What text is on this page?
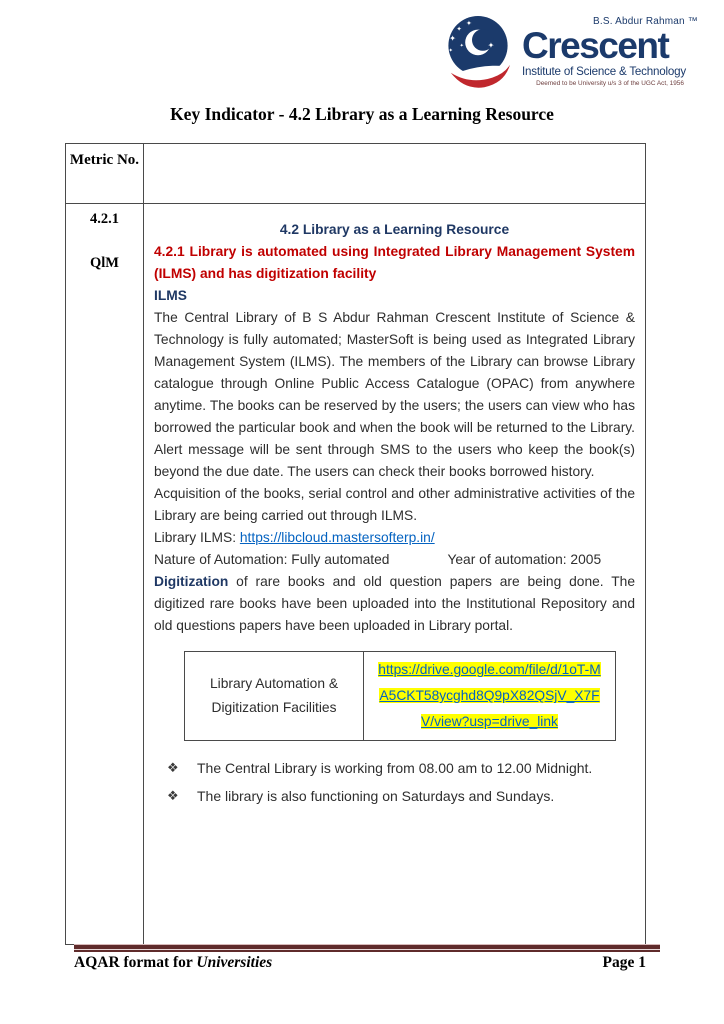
✦
✦
✦
✦
✦ ✦
B.S. Abdur Rahman ™
Crescent
Institute of Science & Technology
Deemed to be University u/s 3 of the UGC Act, 1956
Key Indicator - 4.2 Library as a Learning Resource
Metric No.	

4.2.1
QlM

4.2 Library as a Learning Resource
4.2.1 Library is automated using Integrated Library Management System (ILMS) and has digitization facility
ILMS

The Central Library of B S Abdur Rahman Crescent Institute of Science & Technology is fully automated; MasterSoft is being used as Integrated Library Management System (ILMS). The members of the Library can browse Library catalogue through Online Public Access Catalogue (OPAC) from anywhere anytime. The books can be reserved by the users; the users can view who has borrowed the particular book and when the book will be returned to the Library. Alert message will be sent through SMS to the users who keep the book(s) beyond the due date. The users can check their books borrowed history.

Acquisition of the books, serial control and other administrative activities of the Library are being carried out through ILMS.

Library ILMS: https://libcloud.mastersofterp.in/
Nature of Automation: Fully automated	Year of automation: 2005

Digitization of rare books and old question papers are being done. The digitized rare books have been uploaded into the Institutional Repository and old questions papers have been uploaded in Library portal.

Library Automation & Digitization Facilities	https://drive.google.com/file/d/1oT-MA5CKT58ycghd8Q9pX82QSjV_X7FV/view?usp=drive_link
❖	The Central Library is working from 08.00 am to 12.00 Midnight.
❖	The library is also functioning on Saturdays and Sundays.
AQAR format for Universities	Page 1
